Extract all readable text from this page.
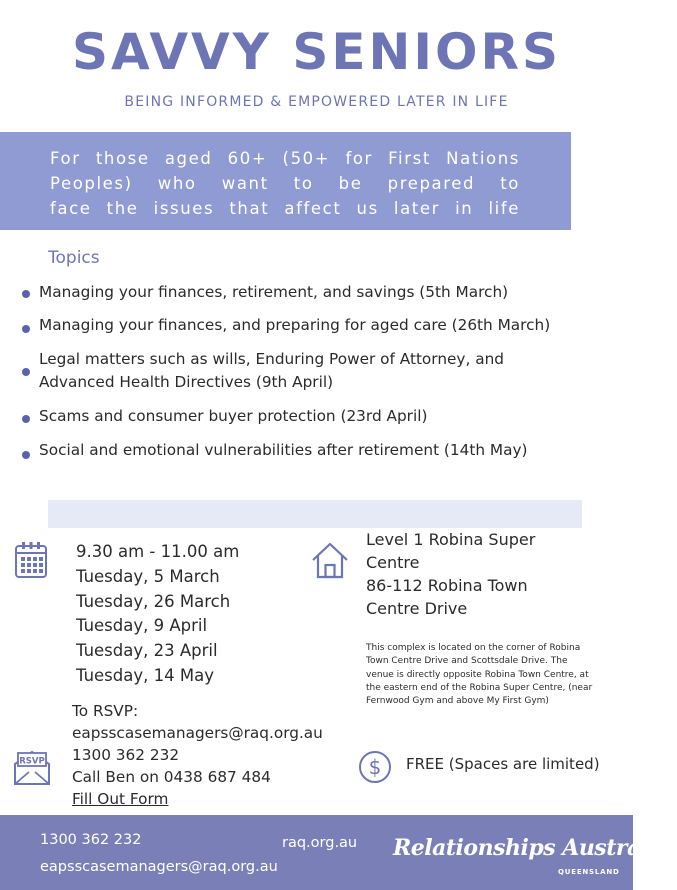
SAVVY SENIORS
BEING INFORMED & EMPOWERED LATER IN LIFE
For those aged 60+ (50+ for First Nations
Peoples) who want to be prepared to
face the issues that affect us later in life
Topics
Managing your finances, retirement, and savings (5th March)
Managing your finances, and preparing for aged care (26th March)
Legal matters such as wills, Enduring Power of Attorney, and
Advanced Health Directives (9th April)
Scams and consumer buyer protection (23rd April)
Social and emotional vulnerabilities after retirement (14th May)
9.30 am - 11.00 am
Tuesday, 5 March
Tuesday, 26 March
Tuesday, 9 April
Tuesday, 23 April
Tuesday, 14 May
Level 1 Robina Super
Centre
86-112 Robina Town
Centre Drive
This complex is located on the corner of Robina Town Centre Drive and Scottsdale Drive. The venue is directly opposite Robina Town Centre, at the eastern end of the Robina Super Centre, (near Fernwood Gym and above My First Gym)
RSVP
To RSVP:
eapsscasemanagers@raq.org.au
1300 362 232
Call Ben on 0438 687 484
Fill Out Form
$ FREE (Spaces are limited)
1300 362 232
eapsscasemanagers@raq.org.au
raq.org.au Relationships Australia.
QUEENSLAND
